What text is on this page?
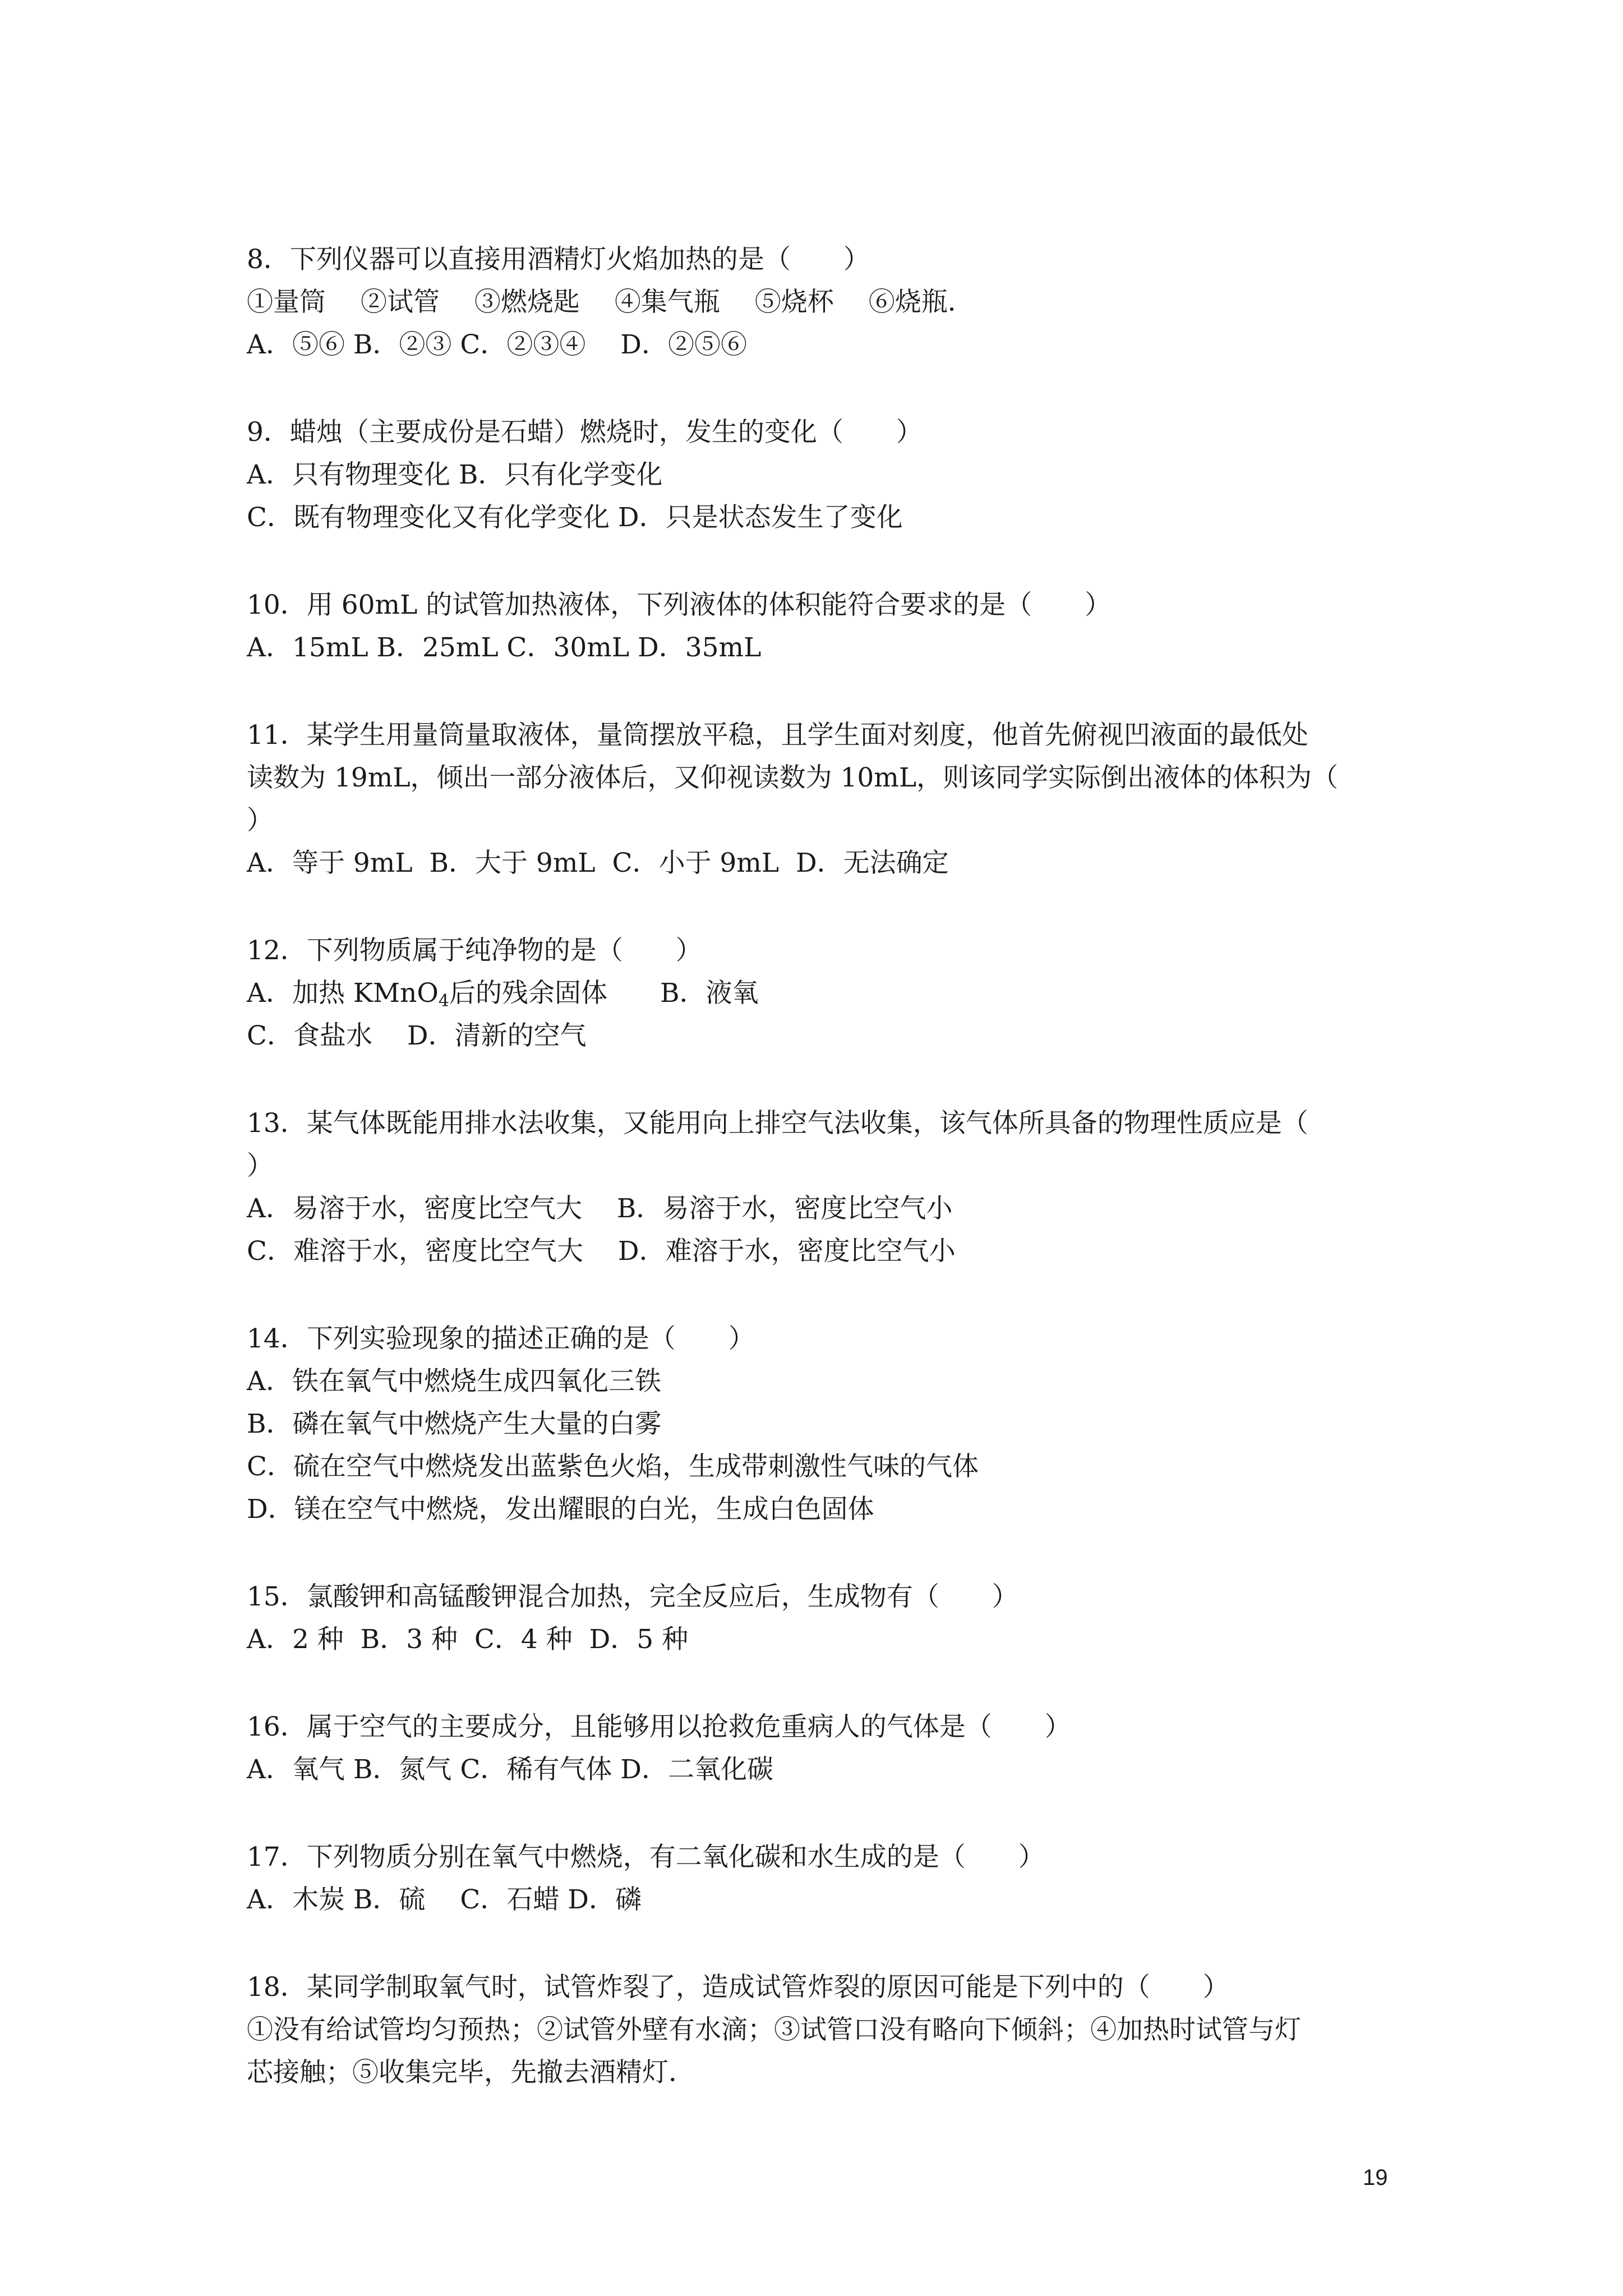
8．下列仪器可以直接用酒精灯火焰加热的是（　　）

①量筒　 ②试管　 ③燃烧匙　 ④集气瓶　 ⑤烧杯　 ⑥烧瓶．

A．⑤⑥ B．②③ C．②③④　 D．②⑤⑥

9．蜡烛（主要成份是石蜡）燃烧时，发生的变化（　　）

A．只有物理变化 B．只有化学变化

C．既有物理变化又有化学变化 D．只是状态发生了变化

10．用 60mL 的试管加热液体，下列液体的体积能符合要求的是（　　）

A．15mL B．25mL C．30mL D．35mL

11．某学生用量筒量取液体，量筒摆放平稳，且学生面对刻度，他首先俯视凹液面的最低处

读数为 19mL，倾出一部分液体后，又仰视读数为 10mL，则该同学实际倒出液体的体积为（

）

A．等于 9mL  B．大于 9mL  C．小于 9mL  D．无法确定

12．下列物质属于纯净物的是（　　）

A．加热 KMnO$_4$后的残余固体　　B．液氧

C．食盐水　 D．清新的空气

13．某气体既能用排水法收集，又能用向上排空气法收集，该气体所具备的物理性质应是（

）

A．易溶于水，密度比空气大　 B．易溶于水，密度比空气小

C．难溶于水，密度比空气大　 D．难溶于水，密度比空气小

14．下列实验现象的描述正确的是（　　）

A．铁在氧气中燃烧生成四氧化三铁

B．磷在氧气中燃烧产生大量的白雾

C．硫在空气中燃烧发出蓝紫色火焰，生成带刺激性气味的气体

D．镁在空气中燃烧，发出耀眼的白光，生成白色固体

15．氯酸钾和高锰酸钾混合加热，完全反应后，生成物有（　　）

A．2 种  B．3 种  C．4 种  D．5 种

16．属于空气的主要成分，且能够用以抢救危重病人的气体是（　　）

A．氧气 B．氮气 C．稀有气体 D．二氧化碳

17．下列物质分别在氧气中燃烧，有二氧化碳和水生成的是（　　）

A．木炭 B．硫　 C．石蜡 D．磷

18．某同学制取氧气时，试管炸裂了，造成试管炸裂的原因可能是下列中的（　　）

①没有给试管均匀预热；②试管外壁有水滴；③试管口没有略向下倾斜；④加热时试管与灯

芯接触；⑤收集完毕，先撤去酒精灯．

19
